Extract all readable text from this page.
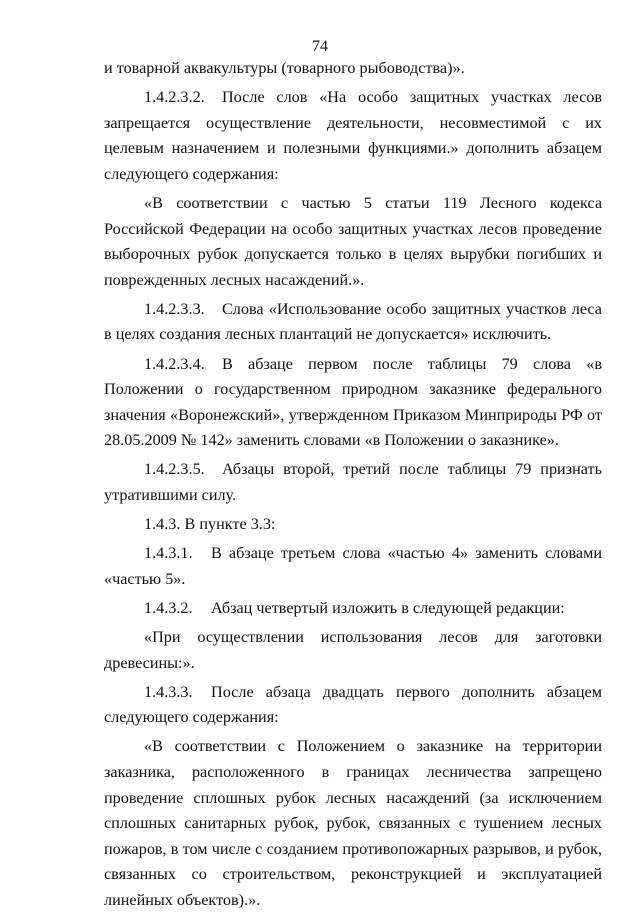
74

и товарной аквакультуры (товарного рыбоводства)».

1.4.2.3.2. После слов «На особо защитных участках лесов запрещается осуществление деятельности, несовместимой с их целевым назначением и полезными функциями.» дополнить абзацем следующего содержания:

«В соответствии с частью 5 статьи 119 Лесного кодекса Российской Федерации на особо защитных участках лесов проведение выборочных рубок допускается только в целях вырубки погибших и поврежденных лесных насаждений.».

1.4.2.3.3. Слова «Использование особо защитных участков леса в целях создания лесных плантаций не допускается» исключить.

1.4.2.3.4. В абзаце первом после таблицы 79 слова «в Положении о государственном природном заказнике федерального значения «Воронежский», утвержденном Приказом Минприроды РФ от 28.05.2009 № 142» заменить словами «в Положении о заказнике».

1.4.2.3.5. Абзацы второй, третий после таблицы 79 признать утратившими силу.

1.4.3. В пункте 3.3:

1.4.3.1. В абзаце третьем слова «частью 4» заменить словами «частью 5».

1.4.3.2. Абзац четвертый изложить в следующей редакции:

«При осуществлении использования лесов для заготовки древесины:».

1.4.3.3. После абзаца двадцать первого дополнить абзацем следующего содержания:

«В соответствии с Положением о заказнике на территории заказника, расположенного в границах лесничества запрещено проведение сплошных рубок лесных насаждений (за исключением сплошных санитарных рубок, рубок, связанных с тушением лесных пожаров, в том числе с созданием противопожарных разрывов, и рубок, связанных со строительством, реконструкцией и эксплуатацией линейных объектов).».
